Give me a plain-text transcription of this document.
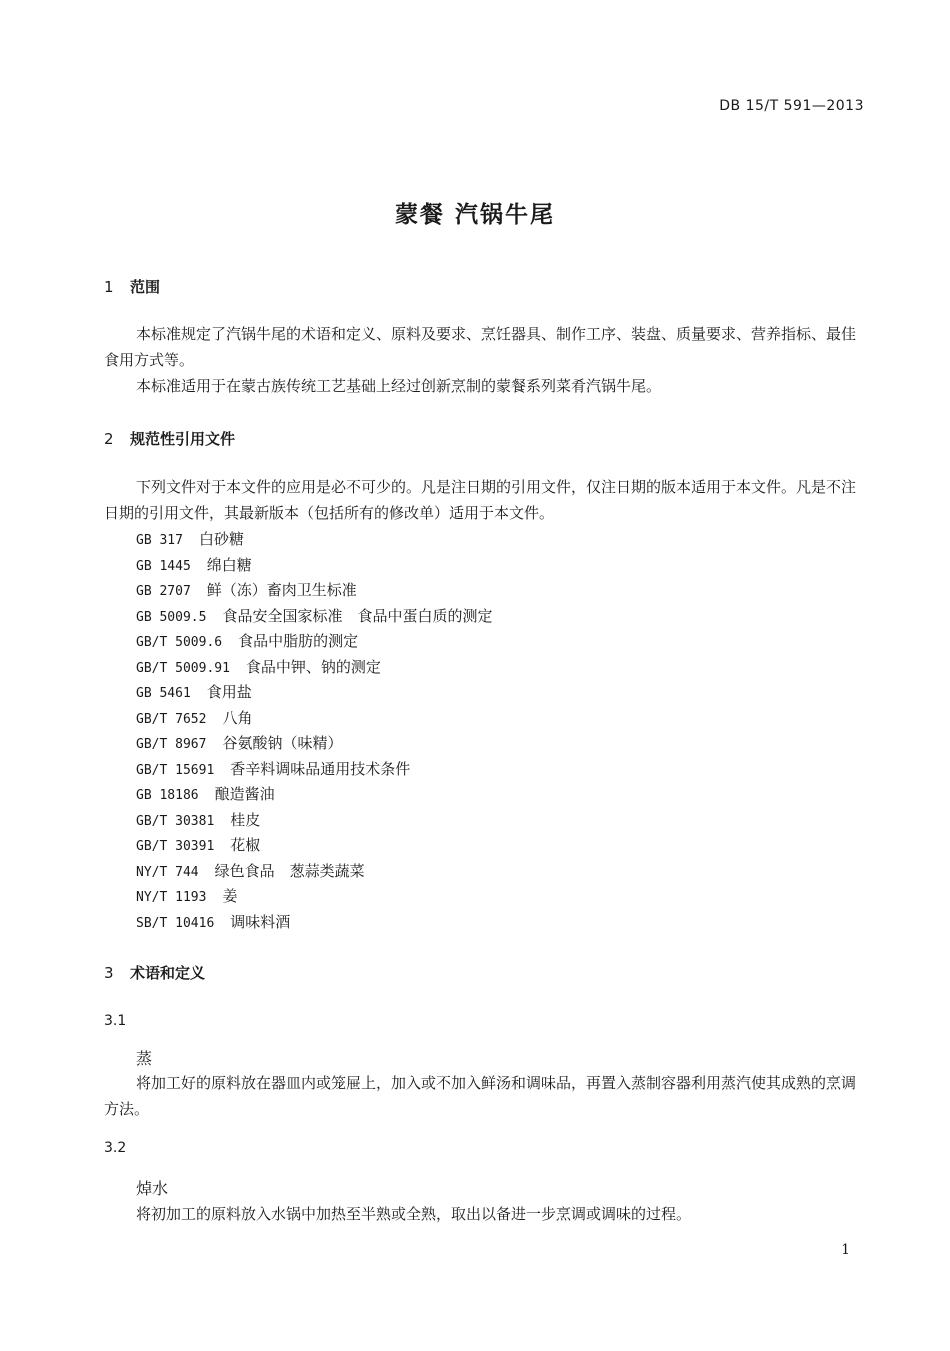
DB 15/T 591—2013
蒙餐 汽锅牛尾
1 范围
本标准规定了汽锅牛尾的术语和定义、原料及要求、烹饪器具、制作工序、装盘、质量要求、营养指标、最佳食用方式等。
本标准适用于在蒙古族传统工艺基础上经过创新烹制的蒙餐系列菜肴汽锅牛尾。
2 规范性引用文件
下列文件对于本文件的应用是必不可少的。凡是注日期的引用文件，仅注日期的版本适用于本文件。凡是不注日期的引用文件，其最新版本（包括所有的修改单）适用于本文件。
GB 317 白砂糖
GB 1445 绵白糖
GB 2707 鲜（冻）畜肉卫生标准
GB 5009.5 食品安全国家标准　食品中蛋白质的测定
GB/T 5009.6 食品中脂肪的测定
GB/T 5009.91 食品中钾、钠的测定
GB 5461 食用盐
GB/T 7652 八角
GB/T 8967 谷氨酸钠（味精）
GB/T 15691 香辛料调味品通用技术条件
GB 18186 酿造酱油
GB/T 30381 桂皮
GB/T 30391 花椒
NY/T 744 绿色食品　葱蒜类蔬菜
NY/T 1193 姜
SB/T 10416 调味料酒
3 术语和定义
3.1
蒸
将加工好的原料放在器皿内或笼屉上，加入或不加入鲜汤和调味品，再置入蒸制容器利用蒸汽使其成熟的烹调方法。
3.2
焯水
将初加工的原料放入水锅中加热至半熟或全熟，取出以备进一步烹调或调味的过程。
1
